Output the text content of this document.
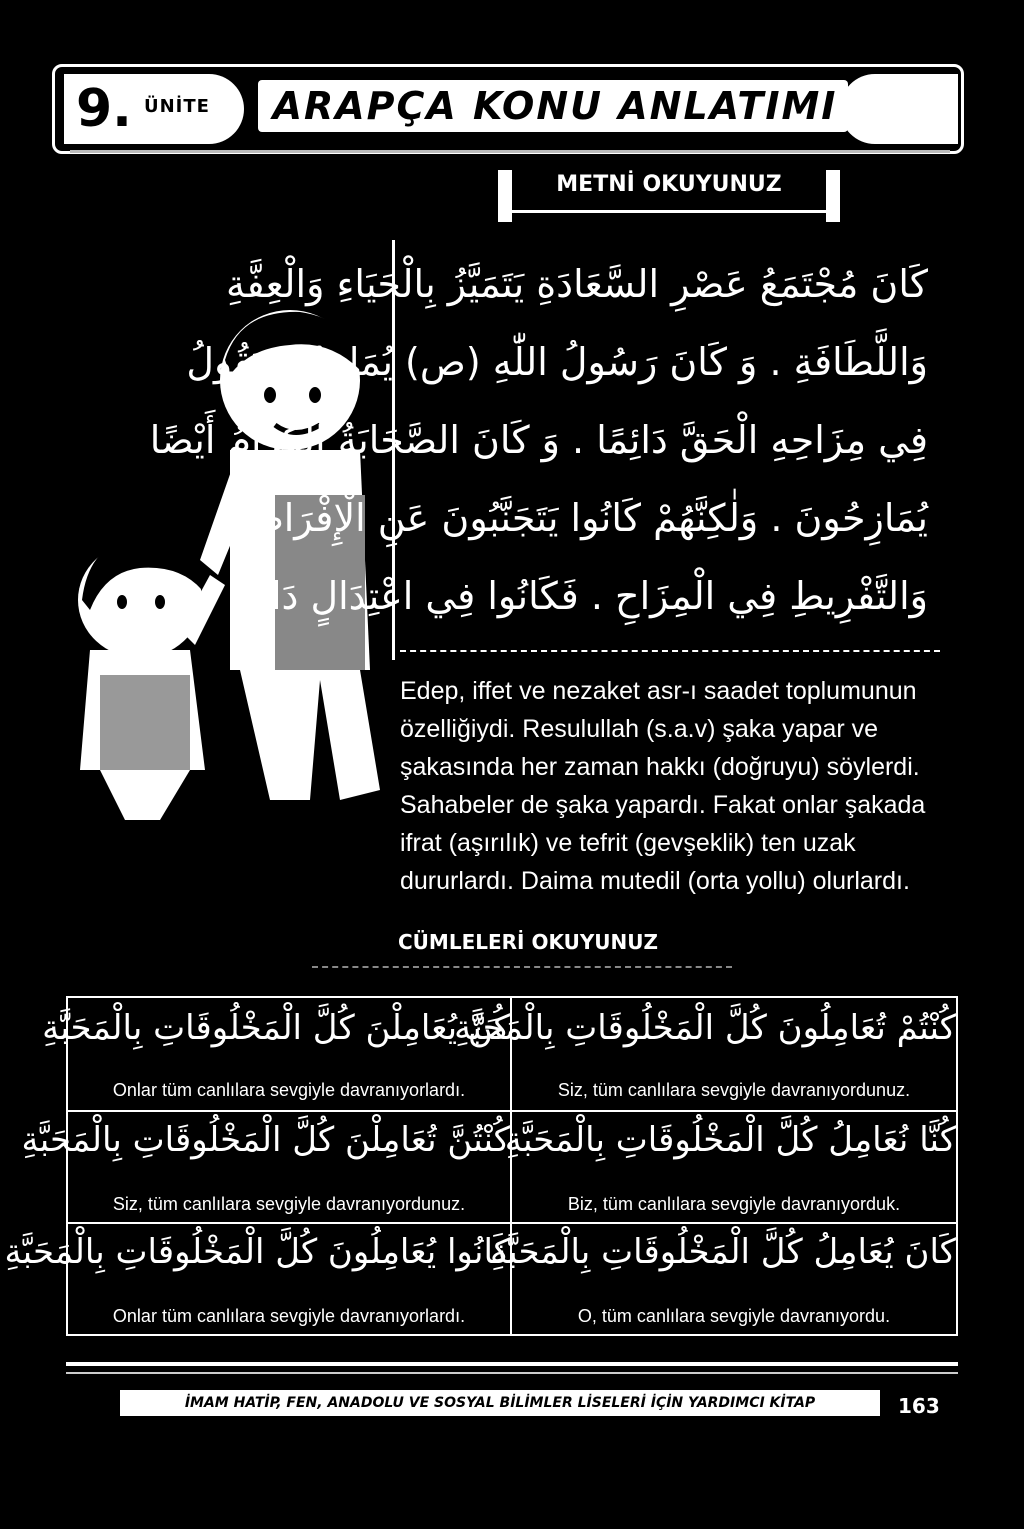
9. ÜNİTE ARAPÇA KONU ANLATIMI
METNİ OKUYUNUZ
كَانَ مُجْتَمَعُ عَصْرِ السَّعَادَةِ يَتَمَيَّزُ بِالْحَيَاءِ وَالْعِفَّةِ
وَاللَّطَافَةِ . وَ كَانَ رَسُولُ اللّٰهِ (ص) يُمَازِحُ وَ يَقُولُ
فِي مِزَاحِهِ الْحَقَّ دَائِمًا . وَ كَانَ الصَّحَابَةُ الْكِرَامُ أَيْضًا
يُمَازِحُونَ . وَلٰكِنَّهُمْ كَانُوا يَتَجَنَّبُونَ عَنِ الْإِفْرَاطِ
وَالتَّفْرِيطِ فِي الْمِزَاحِ . فَكَانُوا فِي اعْتِدَالٍ دَائِمًا .
Edep, iffet ve nezaket asr-ı saadet toplumunun
özelliğiydi. Resulullah (s.a.v) şaka yapar ve
şakasında her zaman hakkı (doğruyu) söylerdi.
Sahabeler de şaka yapardı. Fakat onlar şakada
ifrat (aşırılık) ve tefrit (gevşeklik) ten uzak
dururlardı. Daima mutedil (orta yollu) olurlardı.
CÜMLELERİ OKUYUNUZ
كُنَّ يُعَامِلْنَ كُلَّ الْمَخْلُوقَاتِ بِالْمَحَبَّةِ
Onlar tüm canlılara sevgiyle davranıyorlardı.
كُنْتُمْ تُعَامِلُونَ كُلَّ الْمَخْلُوقَاتِ بِالْمَحَبَّةِ
Siz, tüm canlılara sevgiyle davranıyordunuz.
كُنْتُنَّ تُعَامِلْنَ كُلَّ الْمَخْلُوقَاتِ بِالْمَحَبَّةِ
Siz, tüm canlılara sevgiyle davranıyordunuz.
كُنَّا نُعَامِلُ كُلَّ الْمَخْلُوقَاتِ بِالْمَحَبَّةِ
Biz, tüm canlılara sevgiyle davranıyorduk.
كَانُوا يُعَامِلُونَ كُلَّ الْمَخْلُوقَاتِ بِالْمَحَبَّةِ
Onlar tüm canlılara sevgiyle davranıyorlardı.
كَانَ يُعَامِلُ كُلَّ الْمَخْلُوقَاتِ بِالْمَحَبَّةِ
O, tüm canlılara sevgiyle davranıyordu.
İMAM HATİP, FEN, ANADOLU VE SOSYAL BİLİMLER LİSELERİ İÇİN YARDIMCI KİTAP	163
